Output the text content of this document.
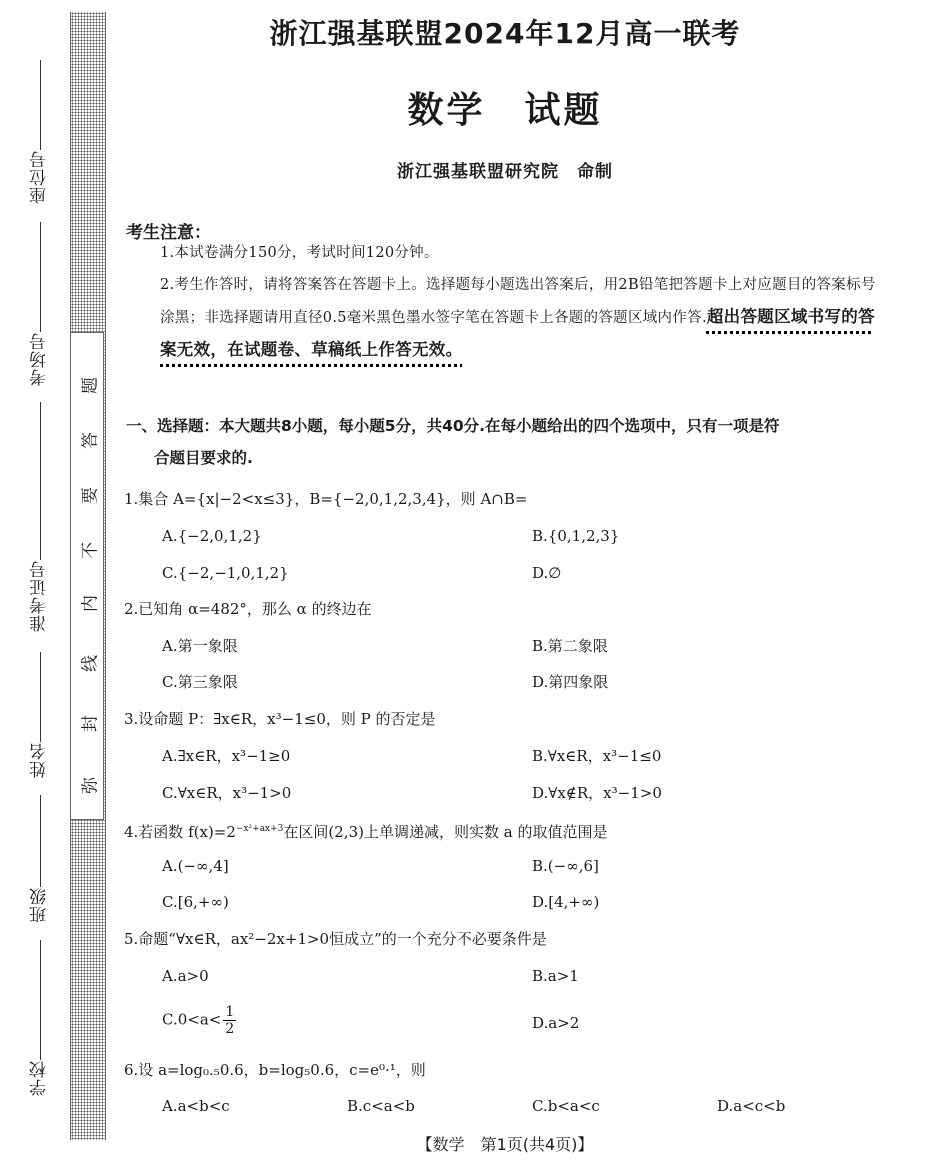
座位号
考场号
准考证号
姓名
班级
学校
弥
封
线
内
不
要
答
题
浙江强基联盟2024年12月高一联考
数学　试题
浙江强基联盟研究院　命制
考生注意：
1.本试卷满分150分，考试时间120分钟。
2.考生作答时，请将答案答在答题卡上。选择题每小题选出答案后，用2B铅笔把答题卡上对应题目的答案标号涂黑；非选择题请用直径0.5毫米黑色墨水签字笔在答题卡上各题的答题区域内作答.超出答题区域书写的答案无效，在试题卷、草稿纸上作答无效。
一、选择题：本大题共8小题，每小题5分，共40分.在每小题给出的四个选项中，只有一项是符
合题目要求的.
1.集合 A={x|−2<x≤3}，B={−2,0,1,2,3,4}，则 A∩B=
A.{−2,0,1,2}	B.{0,1,2,3}
C.{−2,−1,0,1,2}	D.∅
2.已知角 α=482°，那么 α 的终边在
A.第一象限	B.第二象限
C.第三象限	D.第四象限
3.设命题 P：∃x∈R，x³−1≤0，则 P 的否定是
A.∃x∈R，x³−1≥0	B.∀x∈R，x³−1≤0
C.∀x∈R，x³−1>0	D.∀x∉R，x³−1>0
4.若函数 $f(x)=2^{-x^2+ax+3}$在区间(2,3)上单调递减，则实数 a 的取值范围是
A.(−∞,4]	B.(−∞,6]
C.[6,+∞)	D.[4,+∞)
5.命题“∀x∈R，ax²−2x+1>0恒成立”的一个充分不必要条件是
A.a>0	B.a>1
$C.0<a< \frac{1}{2}$	D.a>2
6.设 a=log₀.₅0.6，b=log₅0.6，c=e⁰·¹，则
A.a<b<c	B.c<a<b	C.b<a<c	D.a<c<b
【数学　第1页(共4页)】
